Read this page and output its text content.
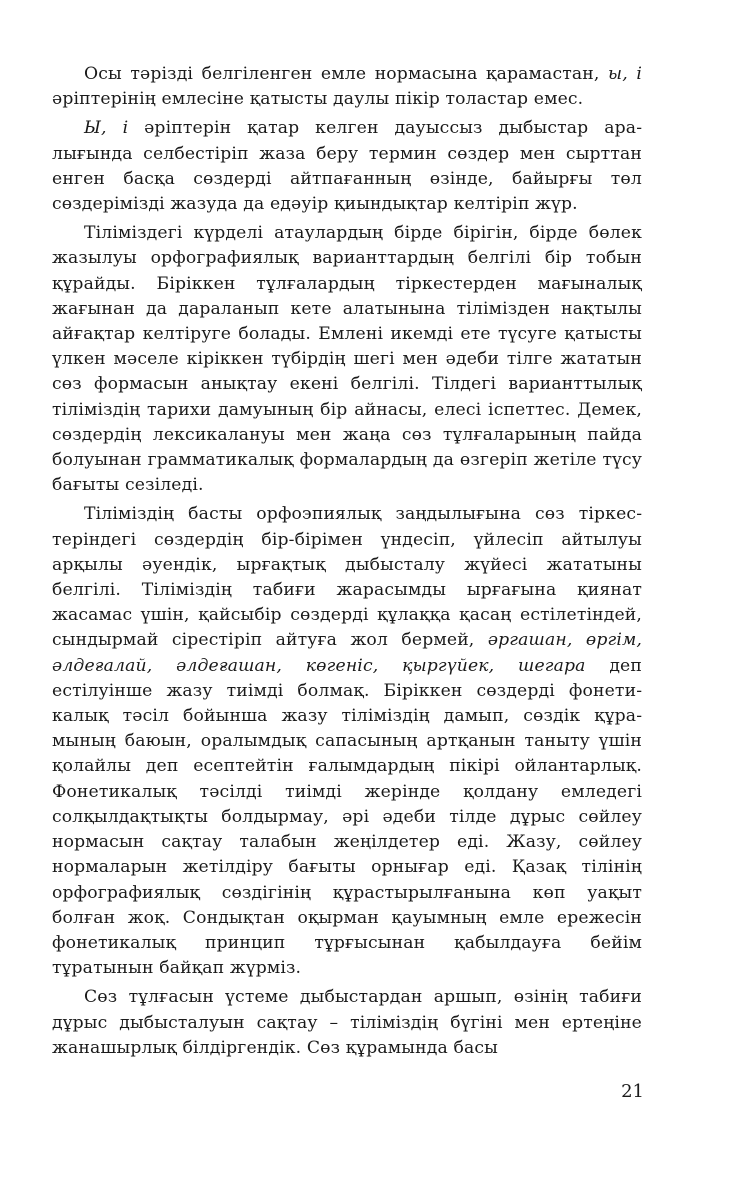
Осы тәрізді белгіленген емле нормасына қарамастан, ы, і әріптерінің емлесіне қатысты даулы пікір толастар емес.

Ы, і әріптерін қатар келген дауыссыз дыбыстар аралығында селбестіріп жаза беру термин сөздер мен сырттан енген басқа сөздерді айтпағанның өзінде, байырғы төл сөздерімізді жазуда да едәуір қиындықтар келтіріп жүр.

Тіліміздегі күрделі атаулардың бірде бірігін, бірде бөлек жазылуы орфографиялық варианттардың белгілі бір тобын құрайды. Біріккен тұлғалардың тіркестерден мағыналық жағынан да дараланып кете алатынына тілімізден нақтылы айғақтар келтіруге болады. Емлені икемді ете түсуге қатысты үлкен мәселе кіріккен түбірдің шегі мен әдеби тілге жататын сөз формасын анықтау екені белгілі. Тілдегі варианттылық тіліміздің тарихи дамуының бір айнасы, елесі іспеттес. Демек, сөздердің лексикалануы мен жаңа сөз тұлғаларының пайда болуынан грамматикалық формалардың да өзгеріп жетіле түсу бағыты сезіледі.

Тіліміздің басты орфоэпиялық заңдылығына сөз тіркестеріндегі сөздердің бір-бірімен үндесіп, үйлесіп айтылуы арқылы әуендік, ырғақтық дыбысталу жүйесі жататыны белгілі. Тіліміздің табиғи жарасымды ырғағына қиянат жасамас үшін, қайсыбір сөздерді құлаққа қасаң естілетіндей, сындырмай сірестіріп айтуға жол бермей, әргашан, өргім, әлдеғалай, әлдеғашан, көгеніс, қыргүйек, шегара деп естілуінше жазу тиімді болмақ. Біріккен сөздерді фонетикалық тәсіл бойынша жазу тіліміздің дамып, сөздік құрамының баюын, оралымдық сапасының артқанын таныту үшін қолайлы деп есептейтін ғалымдардың пікірі ойлантарлық. Фонетикалық тәсілді тиімді жерінде қолдану емледегі солқылдақтықты болдырмау, әрі әдеби тілде дұрыс сөйлеу нормасын сақтау талабын жеңілдетер еді. Жазу, сөйлеу нормаларын жетілдіру бағыты орнығар еді. Қазақ тілінің орфографиялық сөздігінің құрастырылғанына көп уақыт болған жоқ. Сондықтан оқырман қауымның емле ережесін фонетикалық принцип тұрғысынан қабылдауға бейім тұратынын байқап жүрміз.

Сөз тұлғасын үстеме дыбыстардан аршып, өзінің табиғи дұрыс дыбысталуын сақтау – тіліміздің бүгіні мен ертеңіне жанашырлық білдіргендік. Сөз құрамында басы

21
